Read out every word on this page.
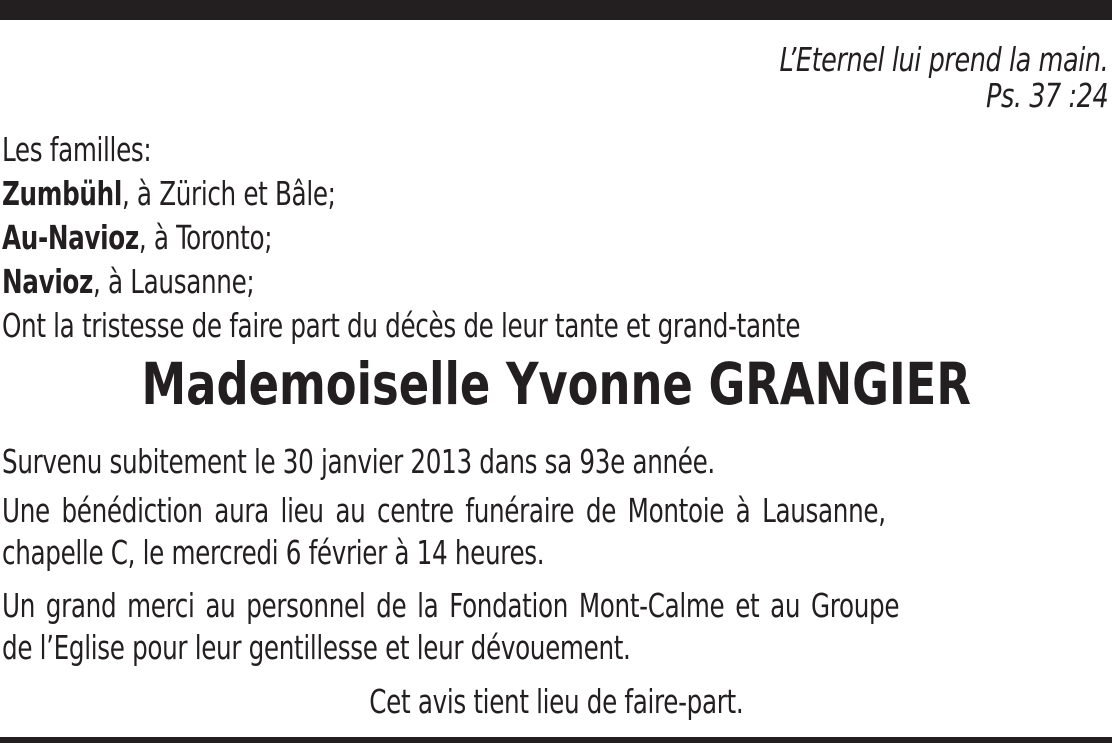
L’Eternel lui prend la main.
Ps. 37 :24
Les familles:
Zumbühl, à Zürich et Bâle;
Au-Navioz, à Toronto;
Navioz, à Lausanne;
Ont la tristesse de faire part du décès de leur tante et grand-tante
Mademoiselle Yvonne GRANGIER
Survenu subitement le 30 janvier 2013 dans sa 93e année.
Une bénédiction aura lieu au centre funéraire de Montoie à Lausanne,
chapelle C, le mercredi 6 février à 14 heures.
Un grand merci au personnel de la Fondation Mont-Calme et au Groupe
de l’Eglise pour leur gentillesse et leur dévouement.
Cet avis tient lieu de faire-part.
